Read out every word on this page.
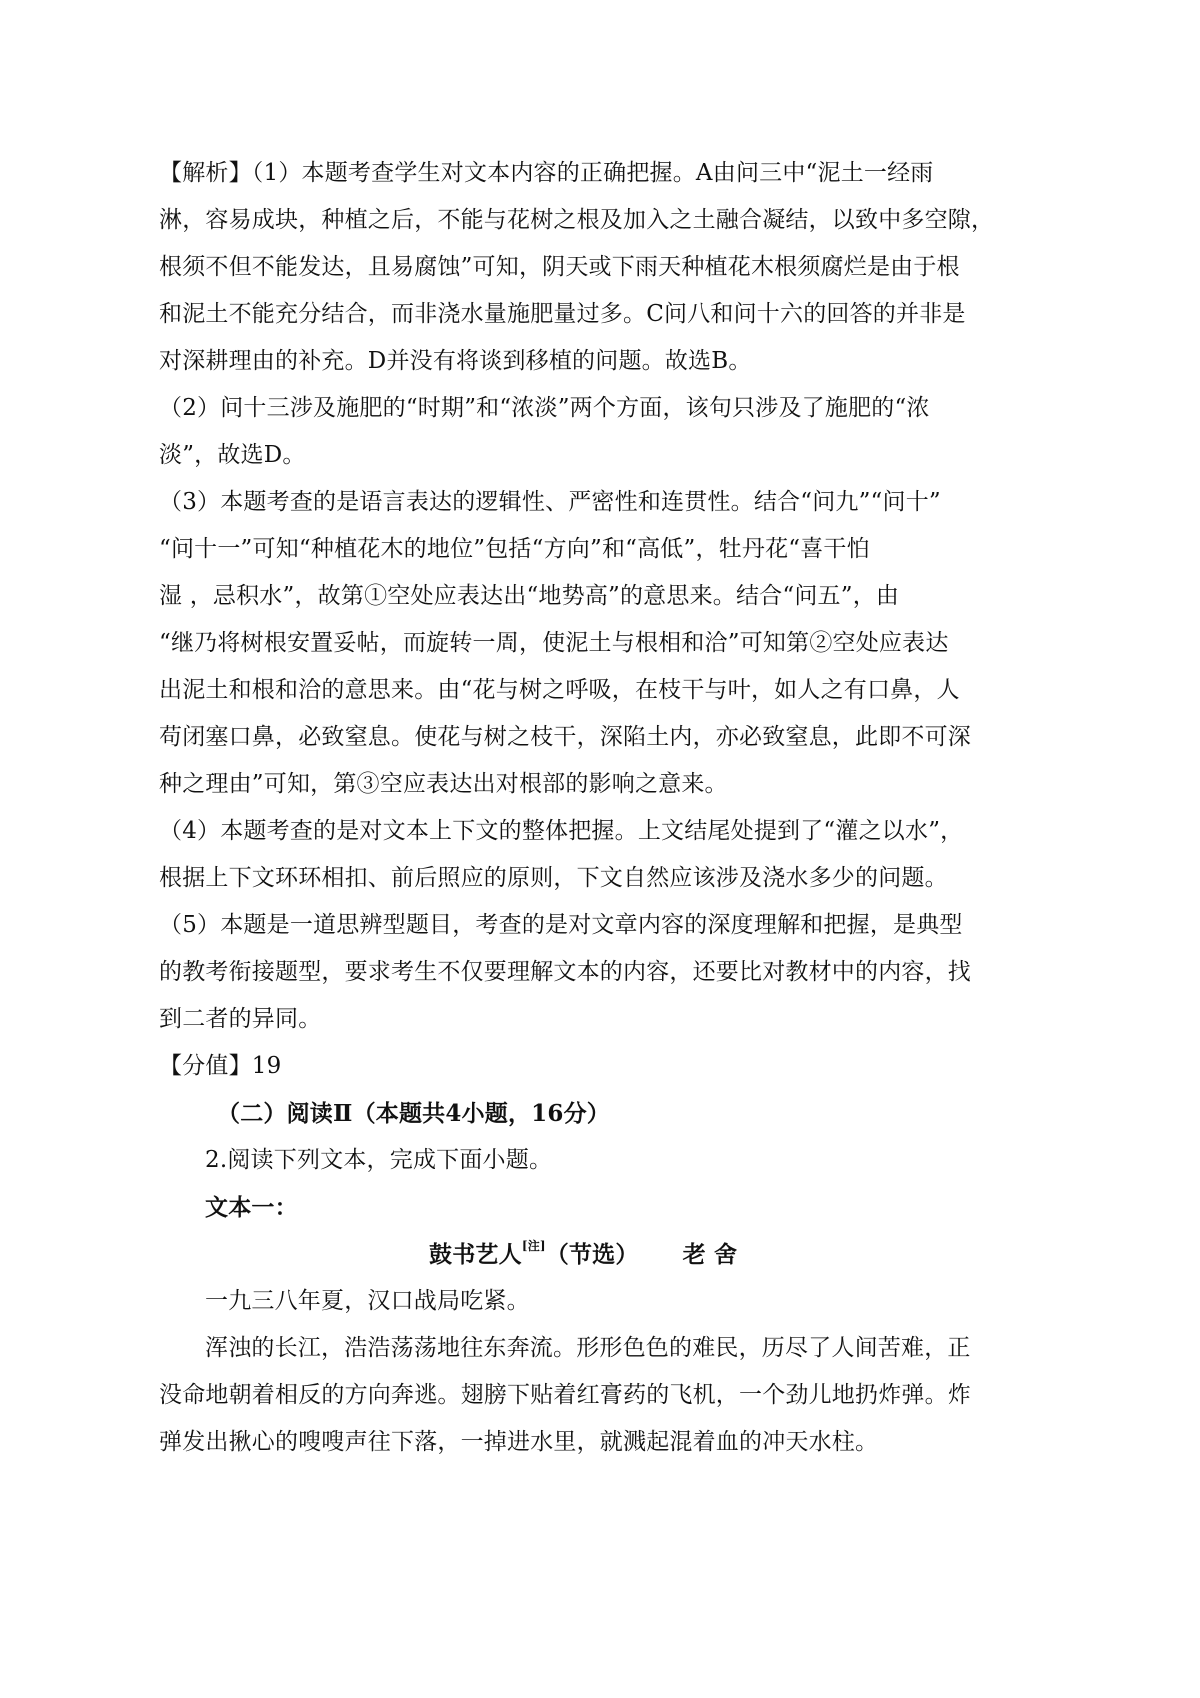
【解析】（1）本题考查学生对文本内容的正确把握。A由问三中“泥土一经雨
淋，容易成块，种植之后，不能与花树之根及加入之土融合凝结，以致中多空隙，
根须不但不能发达，且易腐蚀”可知，阴天或下雨天种植花木根须腐烂是由于根
和泥土不能充分结合，而非浇水量施肥量过多。C问八和问十六的回答的并非是
对深耕理由的补充。D并没有将谈到移植的问题。故选B。
（2）问十三涉及施肥的“时期”和“浓淡”两个方面，该句只涉及了施肥的“浓
淡”，故选D。
（3）本题考查的是语言表达的逻辑性、严密性和连贯性。结合“问九”“问十”
“问十一”可知“种植花木的地位”包括“方向”和“高低”，牡丹花“喜干怕
湿 ，忌积水”，故第①空处应表达出“地势高”的意思来。结合“问五”，由
“继乃将树根安置妥帖，而旋转一周，使泥土与根相和洽”可知第②空处应表达
出泥土和根和洽的意思来。由“花与树之呼吸，在枝干与叶，如人之有口鼻，人
苟闭塞口鼻，必致窒息。使花与树之枝干，深陷土内，亦必致窒息，此即不可深
种之理由”可知，第③空应表达出对根部的影响之意来。
（4）本题考查的是对文本上下文的整体把握。上文结尾处提到了“灌之以水”，
根据上下文环环相扣、前后照应的原则，下文自然应该涉及浇水多少的问题。
（5）本题是一道思辨型题目，考查的是对文章内容的深度理解和把握，是典型
的教考衔接题型，要求考生不仅要理解文本的内容，还要比对教材中的内容，找
到二者的异同。
【分值】19
（二）阅读Ⅱ（本题共4小题，16分）
2.阅读下列文本，完成下面小题。
文本一：
鼓书艺人[注]（节选） 老 舍
一九三八年夏，汉口战局吃紧。
浑浊的长江，浩浩荡荡地往东奔流。形形色色的难民，历尽了人间苦难，正
没命地朝着相反的方向奔逃。翅膀下贴着红膏药的飞机，一个劲儿地扔炸弹。炸
弹发出揪心的嗖嗖声往下落，一掉进水里，就溅起混着血的冲天水柱。
